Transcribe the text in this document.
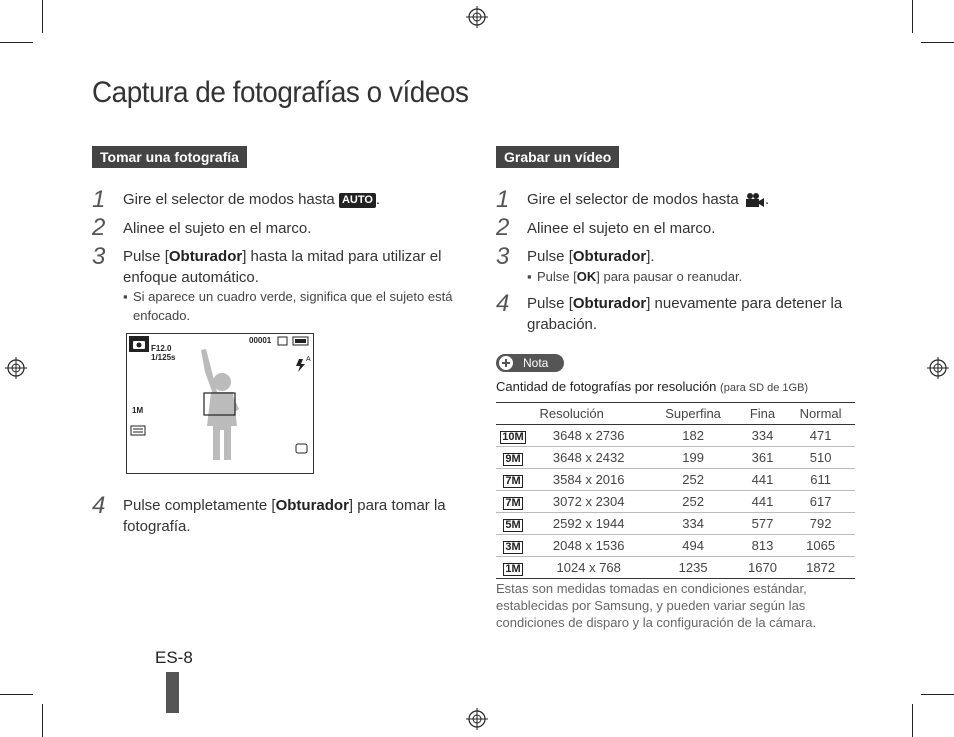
Captura de fotografías o vídeos
Tomar una fotografía
1 Gire el selector de modos hasta AUTO .
2 Alinee el sujeto en el marco.
3 Pulse [Obturador] hasta la mitad para utilizar el enfoque automático.
▪ Si aparece un cuadro verde, significa que el sujeto está enfocado.
00001
F12.0
1/125s	A
1M
4 Pulse completamente [Obturador] para tomar la fotografía.
Grabar un vídeo
1 Gire el selector de modos hasta .
2 Alinee el sujeto en el marco.
3 Pulse [Obturador].
▪ Pulse [OK] para pausar o reanudar.
4 Pulse [Obturador] nuevamente para detener la grabación.
Nota
Cantidad de fotografías por resolución (para SD de 1GB)
Resolución		Superfina	Fina	Normal
10M	3648 x 2736	182	334	471
9M	3648 x 2432	199	361	510
7M	3584 x 2016	252	441	611
7M	3072 x 2304	252	441	617
5M	2592 x 1944	334	577	792
3M	2048 x 1536	494	813	1065
1M	1024 x 768	1235	1670	1872
Estas son medidas tomadas en condiciones estándar, establecidas por Samsung, y pueden variar según las condiciones de disparo y la configuración de la cámara.
ES-8
